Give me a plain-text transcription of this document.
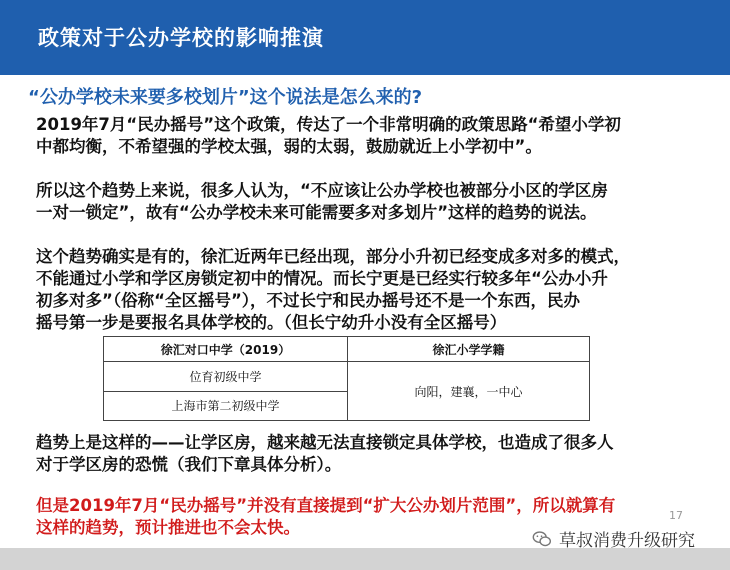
政策对于公办学校的影响推演
“公办学校未来要多校划片”这个说法是怎么来的?
2019年7月“民办摇号”这个政策，传达了一个非常明确的政策思路“希望小学初
中都均衡，不希望强的学校太强，弱的太弱，鼓励就近上小学初中”。
所以这个趋势上来说，很多人认为，“不应该让公办学校也被部分小区的学区房
一对一锁定”，故有“公办学校未来可能需要多对多划片”这样的趋势的说法。
这个趋势确实是有的，徐汇近两年已经出现，部分小升初已经变成多对多的模式，
不能通过小学和学区房锁定初中的情况。而长宁更是已经实行较多年“公办小升
初多对多”（俗称“全区摇号”），不过长宁和民办摇号还不是一个东西，民办
摇号第一步是要报名具体学校的。（但长宁幼升小没有全区摇号）
徐汇对口中学（2019）	徐汇小学学籍
位育初级中学	向阳，建襄，一中心
上海市第二初级中学	
趋势上是这样的——让学区房，越来越无法直接锁定具体学校，也造成了很多人
对于学区房的恐慌（我们下章具体分析）。
但是2019年7月“民办摇号”并没有直接提到“扩大公办划片范围”，所以就算有
这样的趋势，预计推进也不会太快。
17
草叔消费升级研究
